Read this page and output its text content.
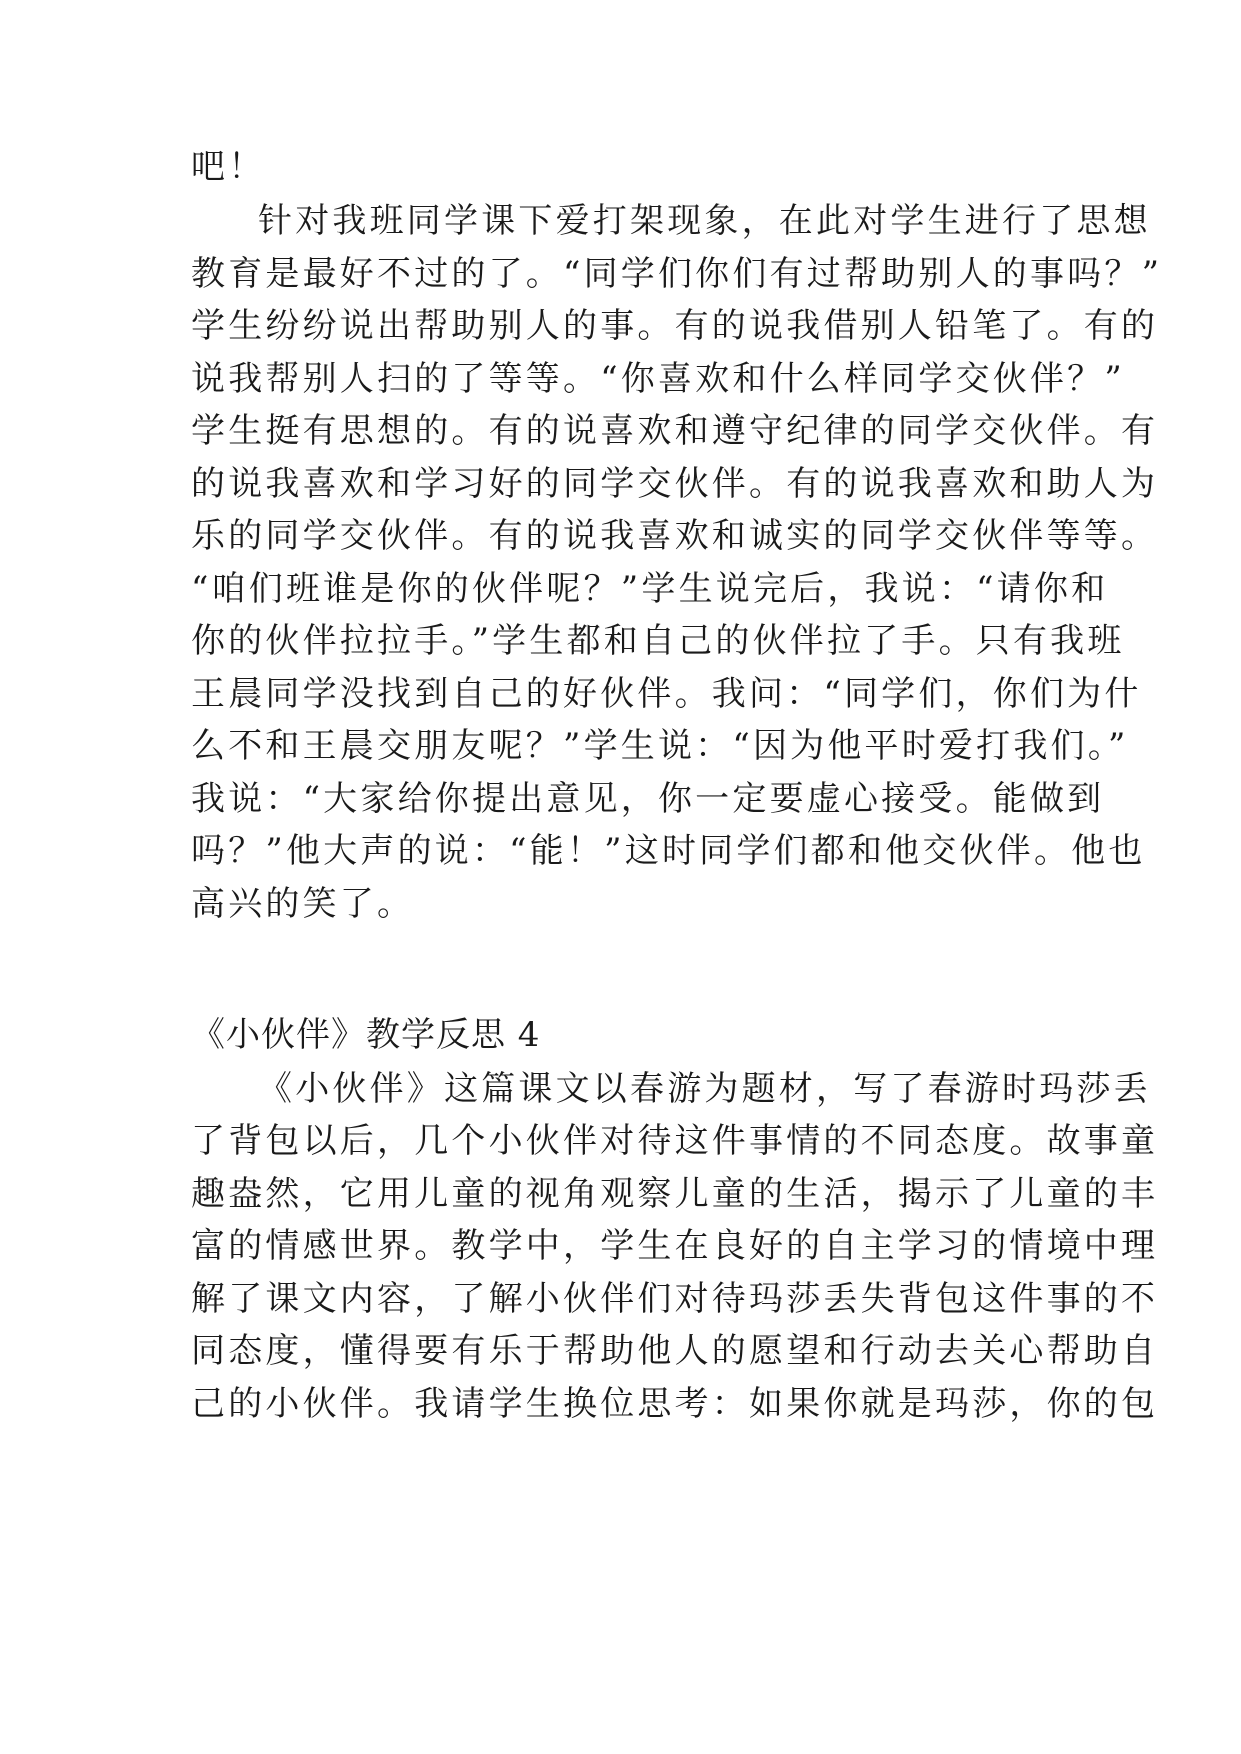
吧！
针对我班同学课下爱打架现象，在此对学生进行了思想
教育是最好不过的了。“同学们你们有过帮助别人的事吗？”
学生纷纷说出帮助别人的事。有的说我借别人铅笔了。有的
说我帮别人扫的了等等。“你喜欢和什么样同学交伙伴？”
学生挺有思想的。有的说喜欢和遵守纪律的同学交伙伴。有
的说我喜欢和学习好的同学交伙伴。有的说我喜欢和助人为
乐的同学交伙伴。有的说我喜欢和诚实的同学交伙伴等等。
“咱们班谁是你的伙伴呢？”学生说完后，我说：“请你和
你的伙伴拉拉手。”学生都和自己的伙伴拉了手。只有我班
王晨同学没找到自己的好伙伴。我问：“同学们，你们为什
么不和王晨交朋友呢？”学生说：“因为他平时爱打我们。”
我说：“大家给你提出意见，你一定要虚心接受。能做到
吗？”他大声的说：“能！”这时同学们都和他交伙伴。他也
高兴的笑了。
《小伙伴》教学反思 4
《小伙伴》这篇课文以春游为题材，写了春游时玛莎丢
了背包以后，几个小伙伴对待这件事情的不同态度。故事童
趣盎然，它用儿童的视角观察儿童的生活，揭示了儿童的丰
富的情感世界。教学中，学生在良好的自主学习的情境中理
解了课文内容，了解小伙伴们对待玛莎丢失背包这件事的不
同态度，懂得要有乐于帮助他人的愿望和行动去关心帮助自
己的小伙伴。我请学生换位思考：如果你就是玛莎，你的包
